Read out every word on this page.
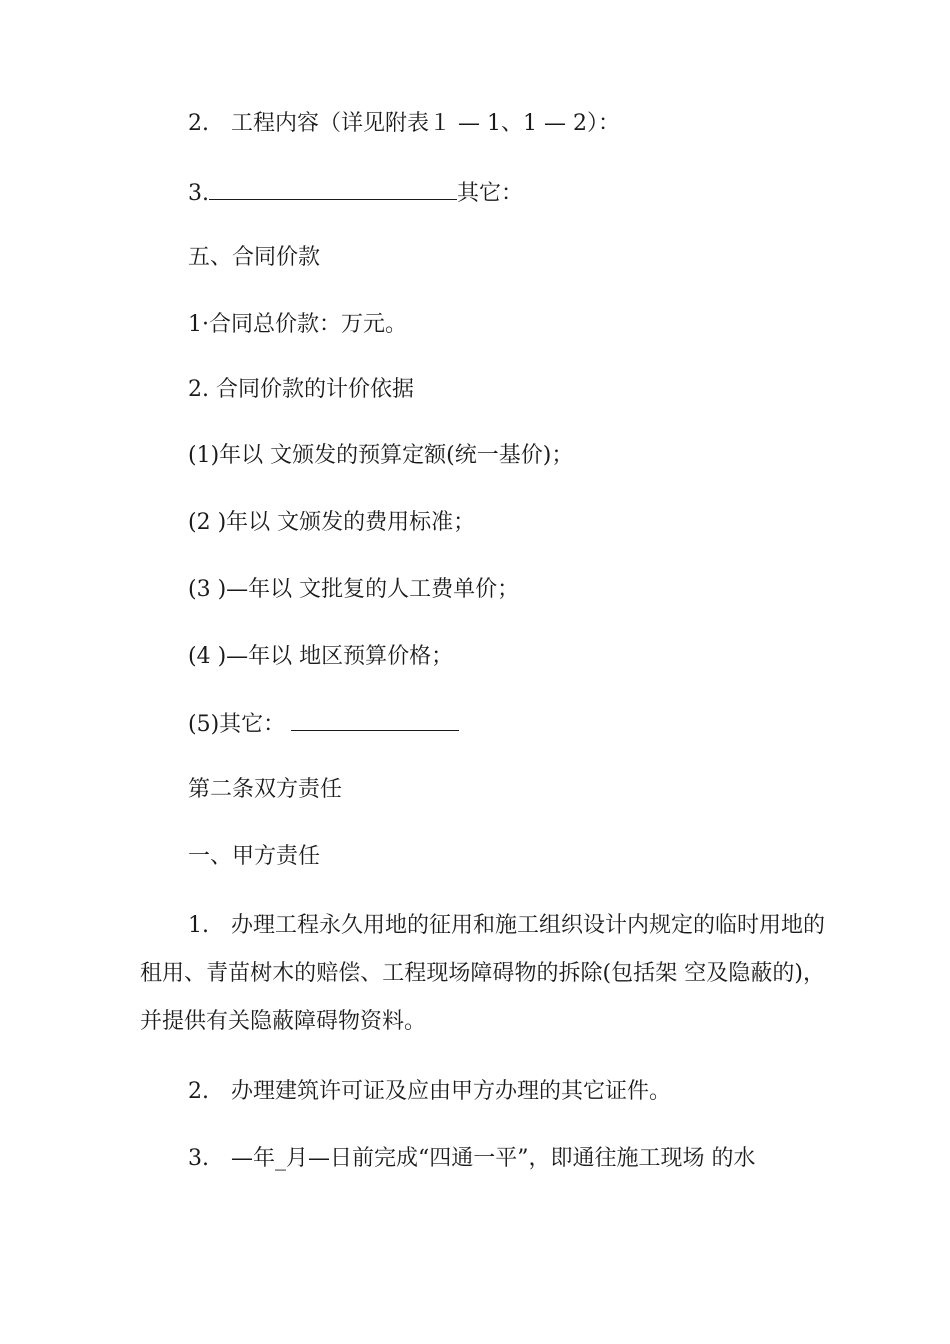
2.　工程内容（详见附表１ — 1、1 — 2）：
3.	其它：
五、合同价款
1·合同总价款：万元。
2. 合同价款的计价依据
(1)年以 文颁发的预算定额(统一基价)；
(2 )年以 文颁发的费用标准；
(3 )—年以 文批复的人工费单价；
(4 )—年以 地区预算价格；
(5)其它：
第二条双方责任
一、甲方责任
1.　办理工程永久用地的征用和施工组织设计内规定的临时用地的租用、青苗树木的赔偿、工程现场障碍物的拆除(包括架 空及隐蔽的)，并提供有关隐蔽障碍物资料。
2.　办理建筑许可证及应由甲方办理的其它证件。
3.　—年_月—日前完成“四通一平”，即通往施工现场 的水
